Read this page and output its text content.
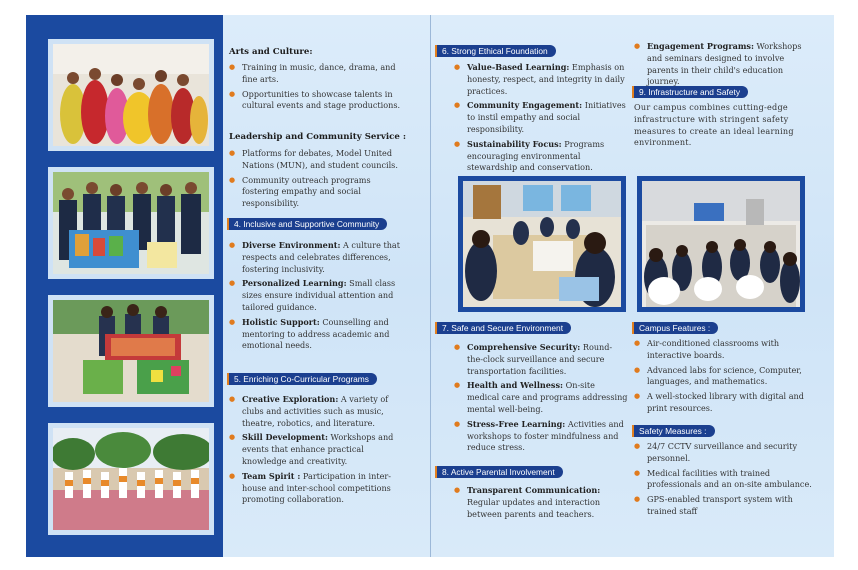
Arts and Culture:
● Training in music, dance, drama, and fine arts.
● Opportunities to showcase talents in cultural events and stage productions.
Leadership and Community Service :
● Platforms for debates, Model United Nations (MUN), and student councils.
● Community outreach programs fostering empathy and social responsibility.
4. Inclusive and Supportive Community
● Diverse Environment: A culture that respects and celebrates differences, fostering inclusivity.
● Personalized Learning: Small class sizes ensure individual attention and tailored guidance.
● Holistic Support: Counselling and mentoring to address academic and emotional needs.
5. Enriching Co-Curricular Programs
● Creative Exploration: A variety of clubs and activities such as music, theatre, robotics, and literature.
● Skill Development: Workshops and events that enhance practical knowledge and creativity.
● Team Spirit : Participation in inter-house and inter-school competitions promoting collaboration.
6. Strong Ethical Foundation
● Value-Based Learning: Emphasis on honesty, respect, and integrity in daily practices.
● Community Engagement: Initiatives to instil empathy and social responsibility.
● Sustainability Focus: Programs encouraging environmental stewardship and conservation.
● Engagement Programs: Workshops and seminars designed to involve parents in their child's education journey.
9. Infrastructure and Safety
Our campus combines cutting-edge infrastructure with stringent safety measures to create an ideal learning environment.
7. Safe and Secure Environment
● Comprehensive Security: Round-the-clock surveillance and secure transportation facilities.
● Health and Wellness: On-site medical care and programs addressing mental well-being.
● Stress-Free Learning: Activities and workshops to foster mindfulness and reduce stress.
8. Active Parental Involvement
● Transparent Communication: Regular updates and interaction between parents and teachers.
Campus Features :
● Air-conditioned classrooms with interactive boards.
● Advanced labs for science, Computer, languages, and mathematics.
● A well-stocked library with digital and print resources.
Safety Measures :
● 24/7 CCTV surveillance and security personnel.
● Medical facilities with trained professionals and an on-site ambulance.
● GPS-enabled transport system with trained staff
